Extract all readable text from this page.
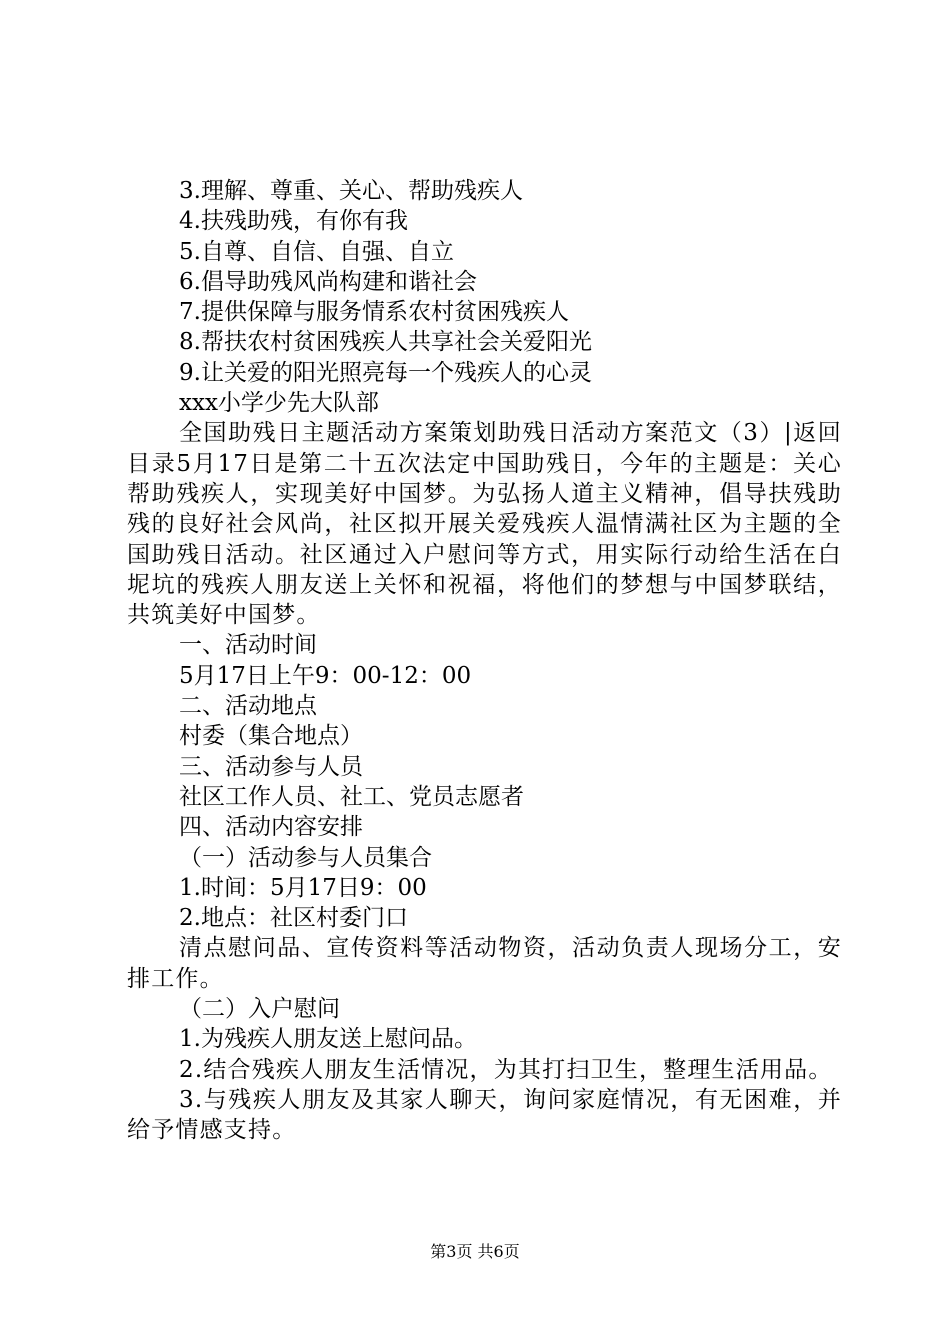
3.理解、尊重、关心、帮助残疾人

4.扶残助残，有你有我

5.自尊、自信、自强、自立

6.倡导助残风尚构建和谐社会

7.提供保障与服务情系农村贫困残疾人

8.帮扶农村贫困残疾人共享社会关爱阳光

9.让关爱的阳光照亮每一个残疾人的心灵

xxx小学少先大队部

全国助残日主题活动方案策划助残日活动方案范文（3）|返回目录5月17日是第二十五次法定中国助残日，今年的主题是：关心帮助残疾人，实现美好中国梦。为弘扬人道主义精神，倡导扶残助残的良好社会风尚，社区拟开展关爱残疾人温情满社区为主题的全国助残日活动。社区通过入户慰问等方式，用实际行动给生活在白坭坑的残疾人朋友送上关怀和祝福，将他们的梦想与中国梦联结，共筑美好中国梦。

一、活动时间

5月17日上午9：00-12：00

二、活动地点

村委（集合地点）

三、活动参与人员

社区工作人员、社工、党员志愿者

四、活动内容安排

（一）活动参与人员集合

1.时间：5月17日9：00

2.地点：社区村委门口

清点慰问品、宣传资料等活动物资，活动负责人现场分工，安排工作。

（二）入户慰问

1.为残疾人朋友送上慰问品。

2.结合残疾人朋友生活情况，为其打扫卫生，整理生活用品。

3.与残疾人朋友及其家人聊天，询问家庭情况，有无困难，并给予情感支持。

第3页 共6页
